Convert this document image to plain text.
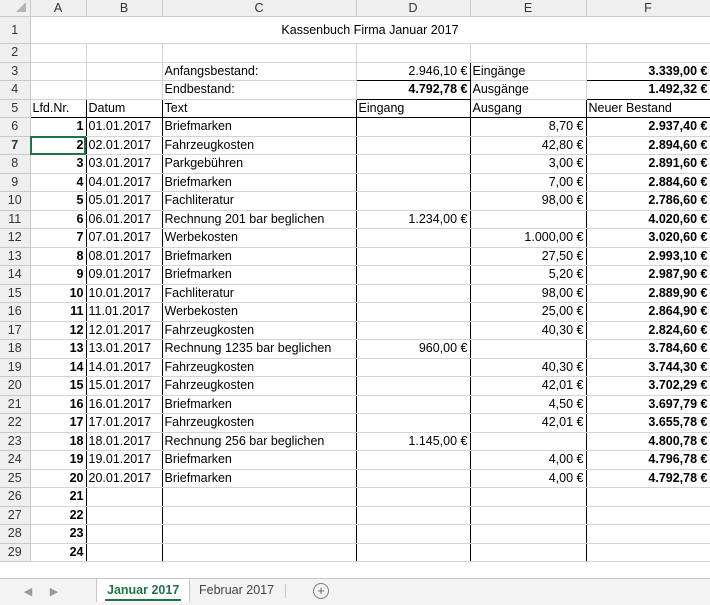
	A	B	C	D	E	F
1	Kassenbuch Firma Januar 2017					
2						
3			Anfangsbestand:	2.946,10 €	Eingänge	3.339,00 €
4			Endbestand:	4.792,78 €	Ausgänge	1.492,32 €
5	Lfd.Nr.	Datum	Text	Eingang	Ausgang	Neuer Bestand
6	1	01.01.2017	Briefmarken		8,70 €	2.937,40 €
7	2	02.01.2017	Fahrzeugkosten		42,80 €	2.894,60 €
8	3	03.01.2017	Parkgebühren		3,00 €	2.891,60 €
9	4	04.01.2017	Briefmarken		7,00 €	2.884,60 €
10	5	05.01.2017	Fachliteratur		98,00 €	2.786,60 €
11	6	06.01.2017	Rechnung 201 bar beglichen	1.234,00 €		4.020,60 €
12	7	07.01.2017	Werbekosten		1.000,00 €	3.020,60 €
13	8	08.01.2017	Briefmarken		27,50 €	2.993,10 €
14	9	09.01.2017	Briefmarken		5,20 €	2.987,90 €
15	10	10.01.2017	Fachliteratur		98,00 €	2.889,90 €
16	11	11.01.2017	Werbekosten		25,00 €	2.864,90 €
17	12	12.01.2017	Fahrzeugkosten		40,30 €	2.824,60 €
18	13	13.01.2017	Rechnung 1235 bar beglichen	960,00 €		3.784,60 €
19	14	14.01.2017	Fahrzeugkosten		40,30 €	3.744,30 €
20	15	15.01.2017	Fahrzeugkosten		42,01 €	3.702,29 €
21	16	16.01.2017	Briefmarken		4,50 €	3.697,79 €
22	17	17.01.2017	Fahrzeugkosten		42,01 €	3.655,78 €
23	18	18.01.2017	Rechnung 256 bar beglichen	1.145,00 €		4.800,78 €
24	19	19.01.2017	Briefmarken		4,00 €	4.796,78 €
25	20	20.01.2017	Briefmarken		4,00 €	4.792,78 €
26	21					
27	22					
28	23					
29	24					
◀	▶	Januar 2017	Februar 2017	+
